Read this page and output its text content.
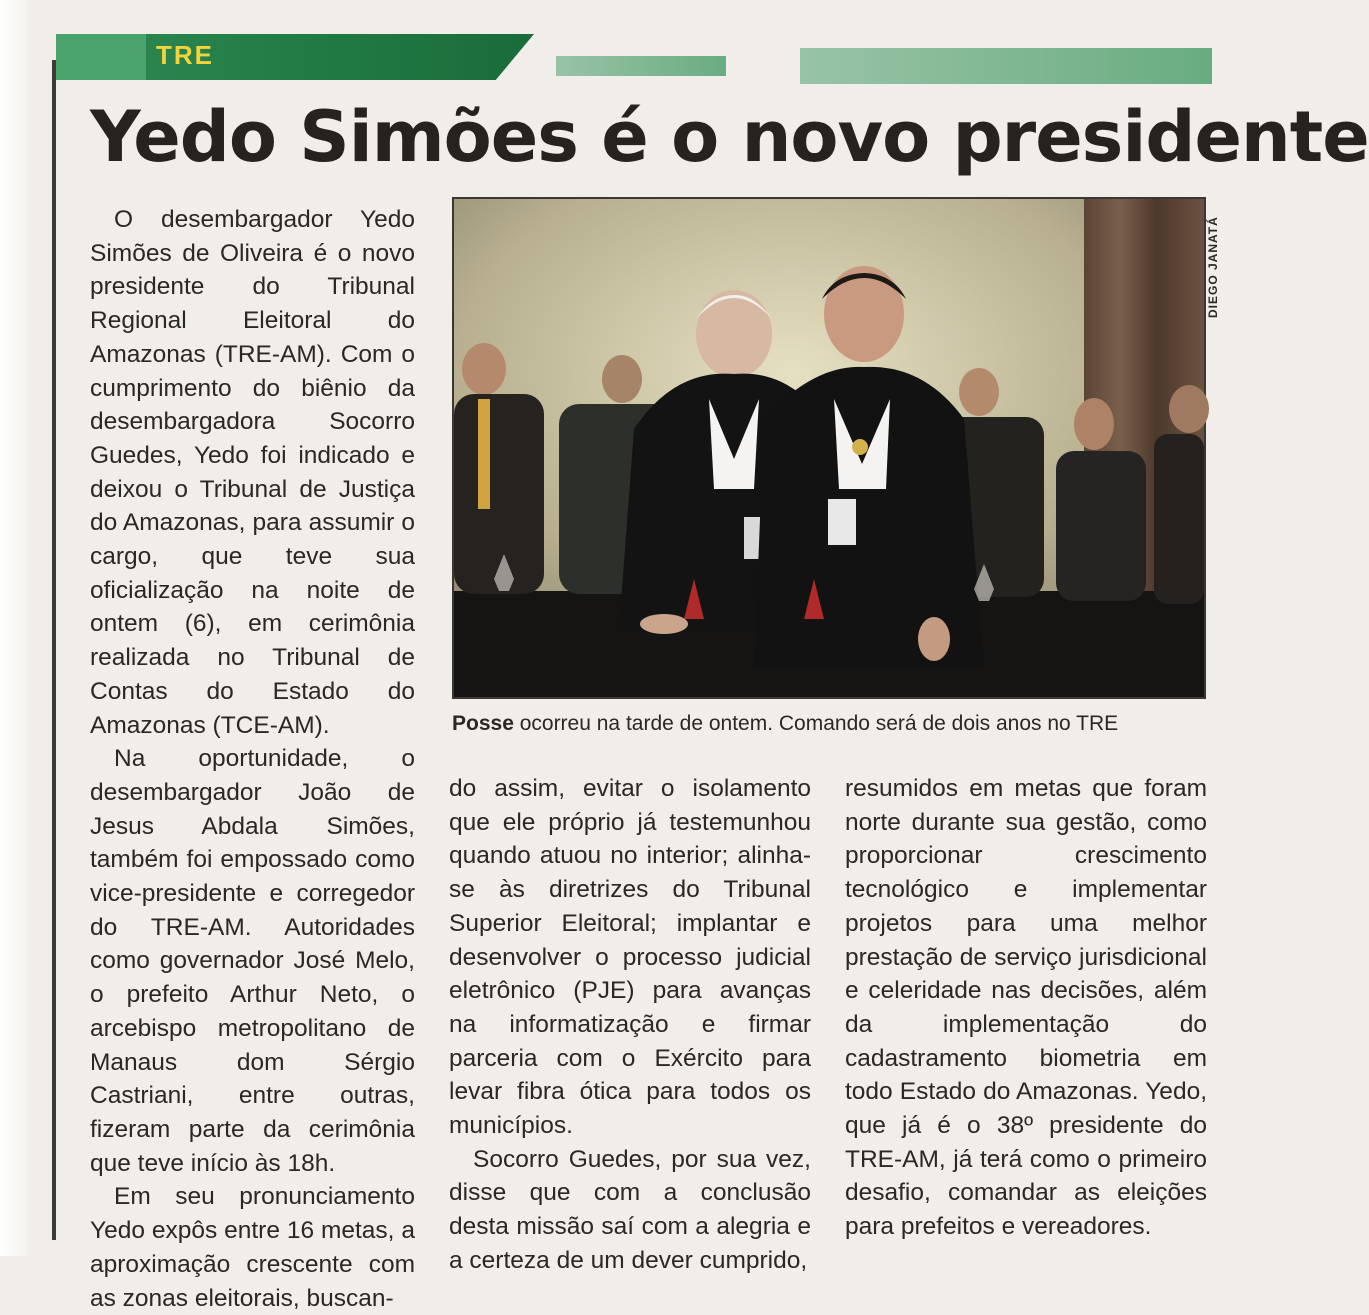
TRE
Yedo Simões é o novo presidente

O desembargador Yedo Simões de Oliveira é o novo presidente do Tribunal Regional Eleitoral do Amazonas (TRE-AM). Com o cumprimento do biênio da desembargadora Socorro Guedes, Yedo foi indicado e deixou o Tribunal de Justiça do Amazonas, para assumir o cargo, que teve sua oficialização na noite de ontem (6), em cerimônia realizada no Tribunal de Contas do Estado do Amazonas (TCE-AM).

Na oportunidade, o desembargador João de Jesus Abdala Simões, também foi empossado como vice-presidente e corregedor do TRE-AM. Autoridades como governador José Melo, o prefeito Arthur Neto, o arcebispo metropolitano de Manaus dom Sérgio Castriani, entre outras, fizeram parte da cerimônia que teve início às 18h.

Em seu pronunciamento Yedo expôs entre 16 metas, a aproximação crescente com as zonas eleitorais, buscan-

DIEGO JANATÁ
Posse ocorreu na tarde de ontem. Comando será de dois anos no TRE

do assim, evitar o isolamento que ele próprio já testemunhou quando atuou no interior; alinha-se às diretrizes do Tribunal Superior Eleitoral; implantar e desenvolver o processo judicial eletrônico (PJE) para avanças na informatização e firmar parceria com o Exército para levar fibra ótica para todos os municípios.

Socorro Guedes, por sua vez, disse que com a conclusão desta missão saí com a alegria e a certeza de um dever cumprido,

resumidos em metas que foram norte durante sua gestão, como proporcionar crescimento tecnológico e implementar projetos para uma melhor prestação de serviço jurisdicional e celeridade nas decisões, além da implementação do cadastramento biometria em todo Estado do Amazonas. Yedo, que já é o 38º presidente do TRE-AM, já terá como o primeiro desafio, comandar as eleições para prefeitos e vereadores.
